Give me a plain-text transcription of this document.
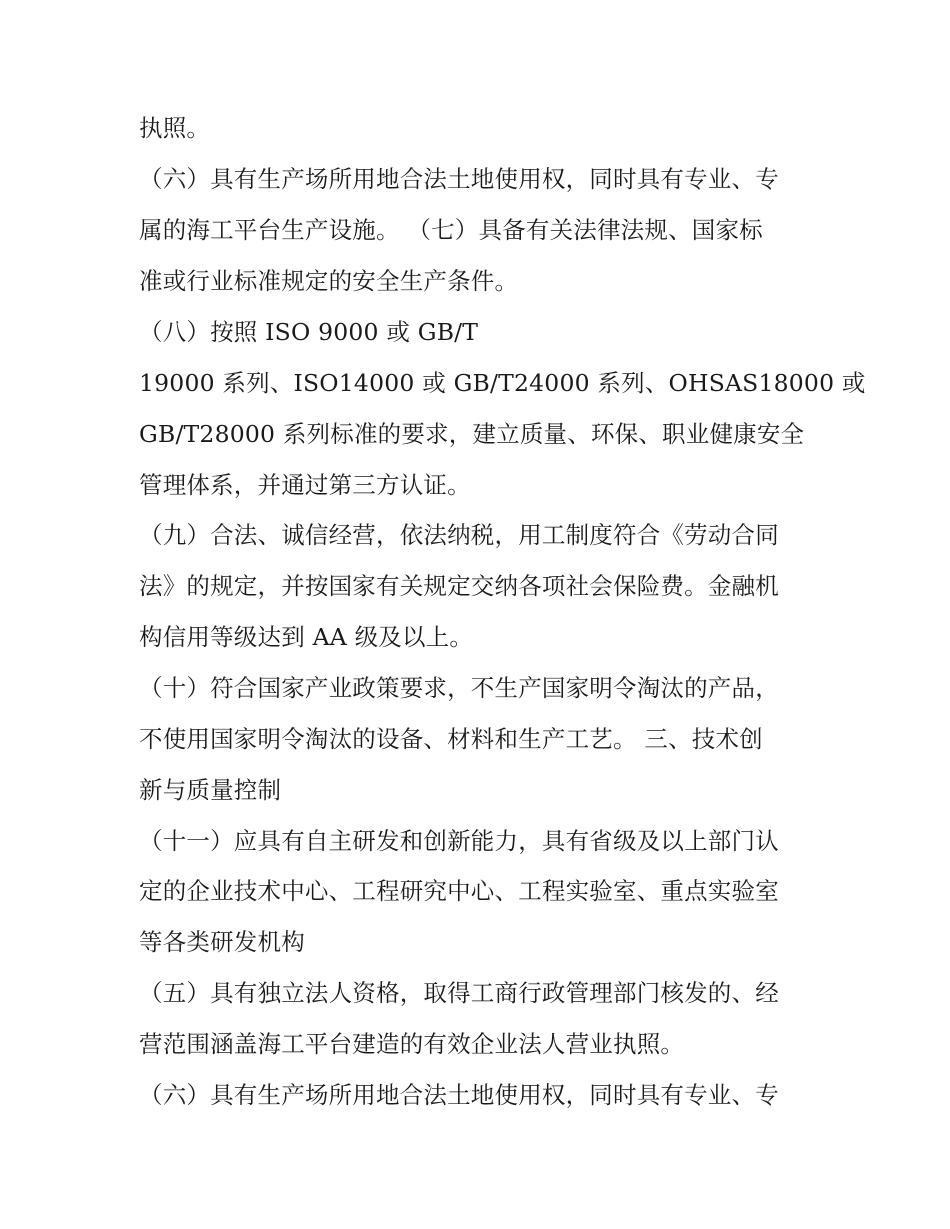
执照。
（六）具有生产场所用地合法土地使用权，同时具有专业、专
属的海工平台生产设施。 （七）具备有关法律法规、国家标
准或行业标准规定的安全生产条件。
（八）按照 ISO 9000 或 GB/T
19000 系列、ISO14000 或 GB/T24000 系列、OHSAS18000 或
GB/T28000 系列标准的要求，建立质量、环保、职业健康安全
管理体系，并通过第三方认证。
（九）合法、诚信经营，依法纳税，用工制度符合《劳动合同
法》的规定，并按国家有关规定交纳各项社会保险费。金融机
构信用等级达到 AA 级及以上。
（十）符合国家产业政策要求，不生产国家明令淘汰的产品，
不使用国家明令淘汰的设备、材料和生产工艺。 三、技术创
新与质量控制
（十一）应具有自主研发和创新能力，具有省级及以上部门认
定的企业技术中心、工程研究中心、工程实验室、重点实验室
等各类研发机构
（五）具有独立法人资格，取得工商行政管理部门核发的、经
营范围涵盖海工平台建造的有效企业法人营业执照。
（六）具有生产场所用地合法土地使用权，同时具有专业、专
